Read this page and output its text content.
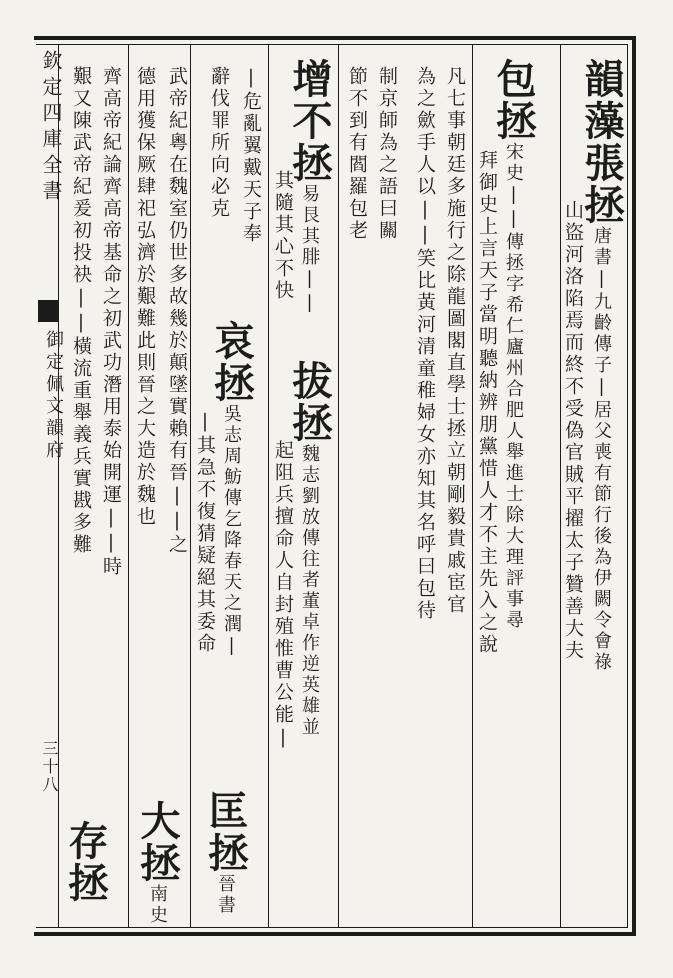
欽定四庫全書
御定佩文韻府
三十八
韻藻張拯唐書|九齡傳子|居父喪有節行後為伊闕令會祿
山盜河洛陷焉而終不受偽官賊平擢太子贊善大夫
包拯宋史||傳拯字希仁廬州合肥人舉進士除大理評事尋
拜御史上言天子當明聽納辨朋黨惜人才不主先入之說
凡七事朝廷多施行之除龍圖閣直學士拯立朝剛毅貴戚宦官
為之歛手人以||笑比黃河清童稚婦女亦知其名呼曰包待
制京師為之語曰關
節不到有閻羅包老
增不拯易艮其腓||
其隨其心不快
拔拯魏志劉放傳往者董卓作逆英雄並
起阻兵擅命人自封殖惟曹公能|
|危亂翼戴天子奉
辭伐罪所向必克
哀拯吳志周魴傳乞降春天之潤|
|其急不復猜疑絕其委命
匡拯晉書
武帝紀粵在魏室仍世多故幾於顛墜實賴有晉||之
德用獲保厥肆祀弘濟於艱難此則晉之大造於魏也
大拯南史
齊高帝紀論齊高帝基命之初武功潛用泰始開運||時
艱又陳武帝紀爰初投袂||橫流重舉義兵實戡多難
存拯
